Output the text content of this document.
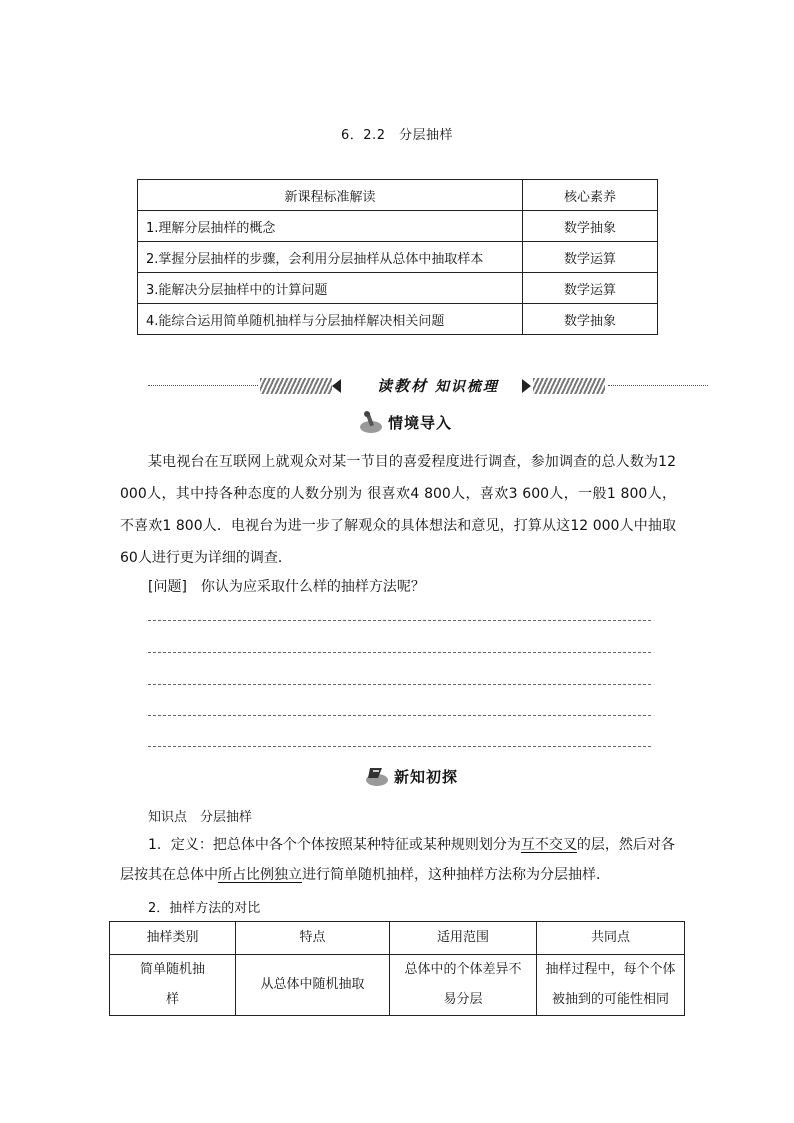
6．2.2　分层抽样
新课程标准解读	核心素养
1.理解分层抽样的概念	数学抽象
2.掌握分层抽样的步骤，会利用分层抽样从总体中抽取样本	数学运算
3.能解决分层抽样中的计算问题	数学运算
4.能综合运用简单随机抽样与分层抽样解决相关问题	数学抽象
读教材 知识梳理
情境导入
某电视台在互联网上就观众对某一节目的喜爱程度进行调查，参加调查的总人数为12 000人，其中持各种态度的人数分别为 很喜欢4 800人，喜欢3 600人，一般1 800人，不喜欢1 800人．电视台为进一步了解观众的具体想法和意见，打算从这12 000人中抽取60人进行更为详细的调查．
[问题]　你认为应采取什么样的抽样方法呢？
新知初探
知识点　分层抽样
1．定义：把总体中各个个体按照某种特征或某种规则划分为互不交叉的层，然后对各层按其在总体中所占比例独立进行简单随机抽样，这种抽样方法称为分层抽样．
2．抽样方法的对比
抽样类别	特点	适用范围	共同点
简单随机抽样	从总体中随机抽取	总体中的个体差异不易分层	抽样过程中，每个个体被抽到的可能性相同
